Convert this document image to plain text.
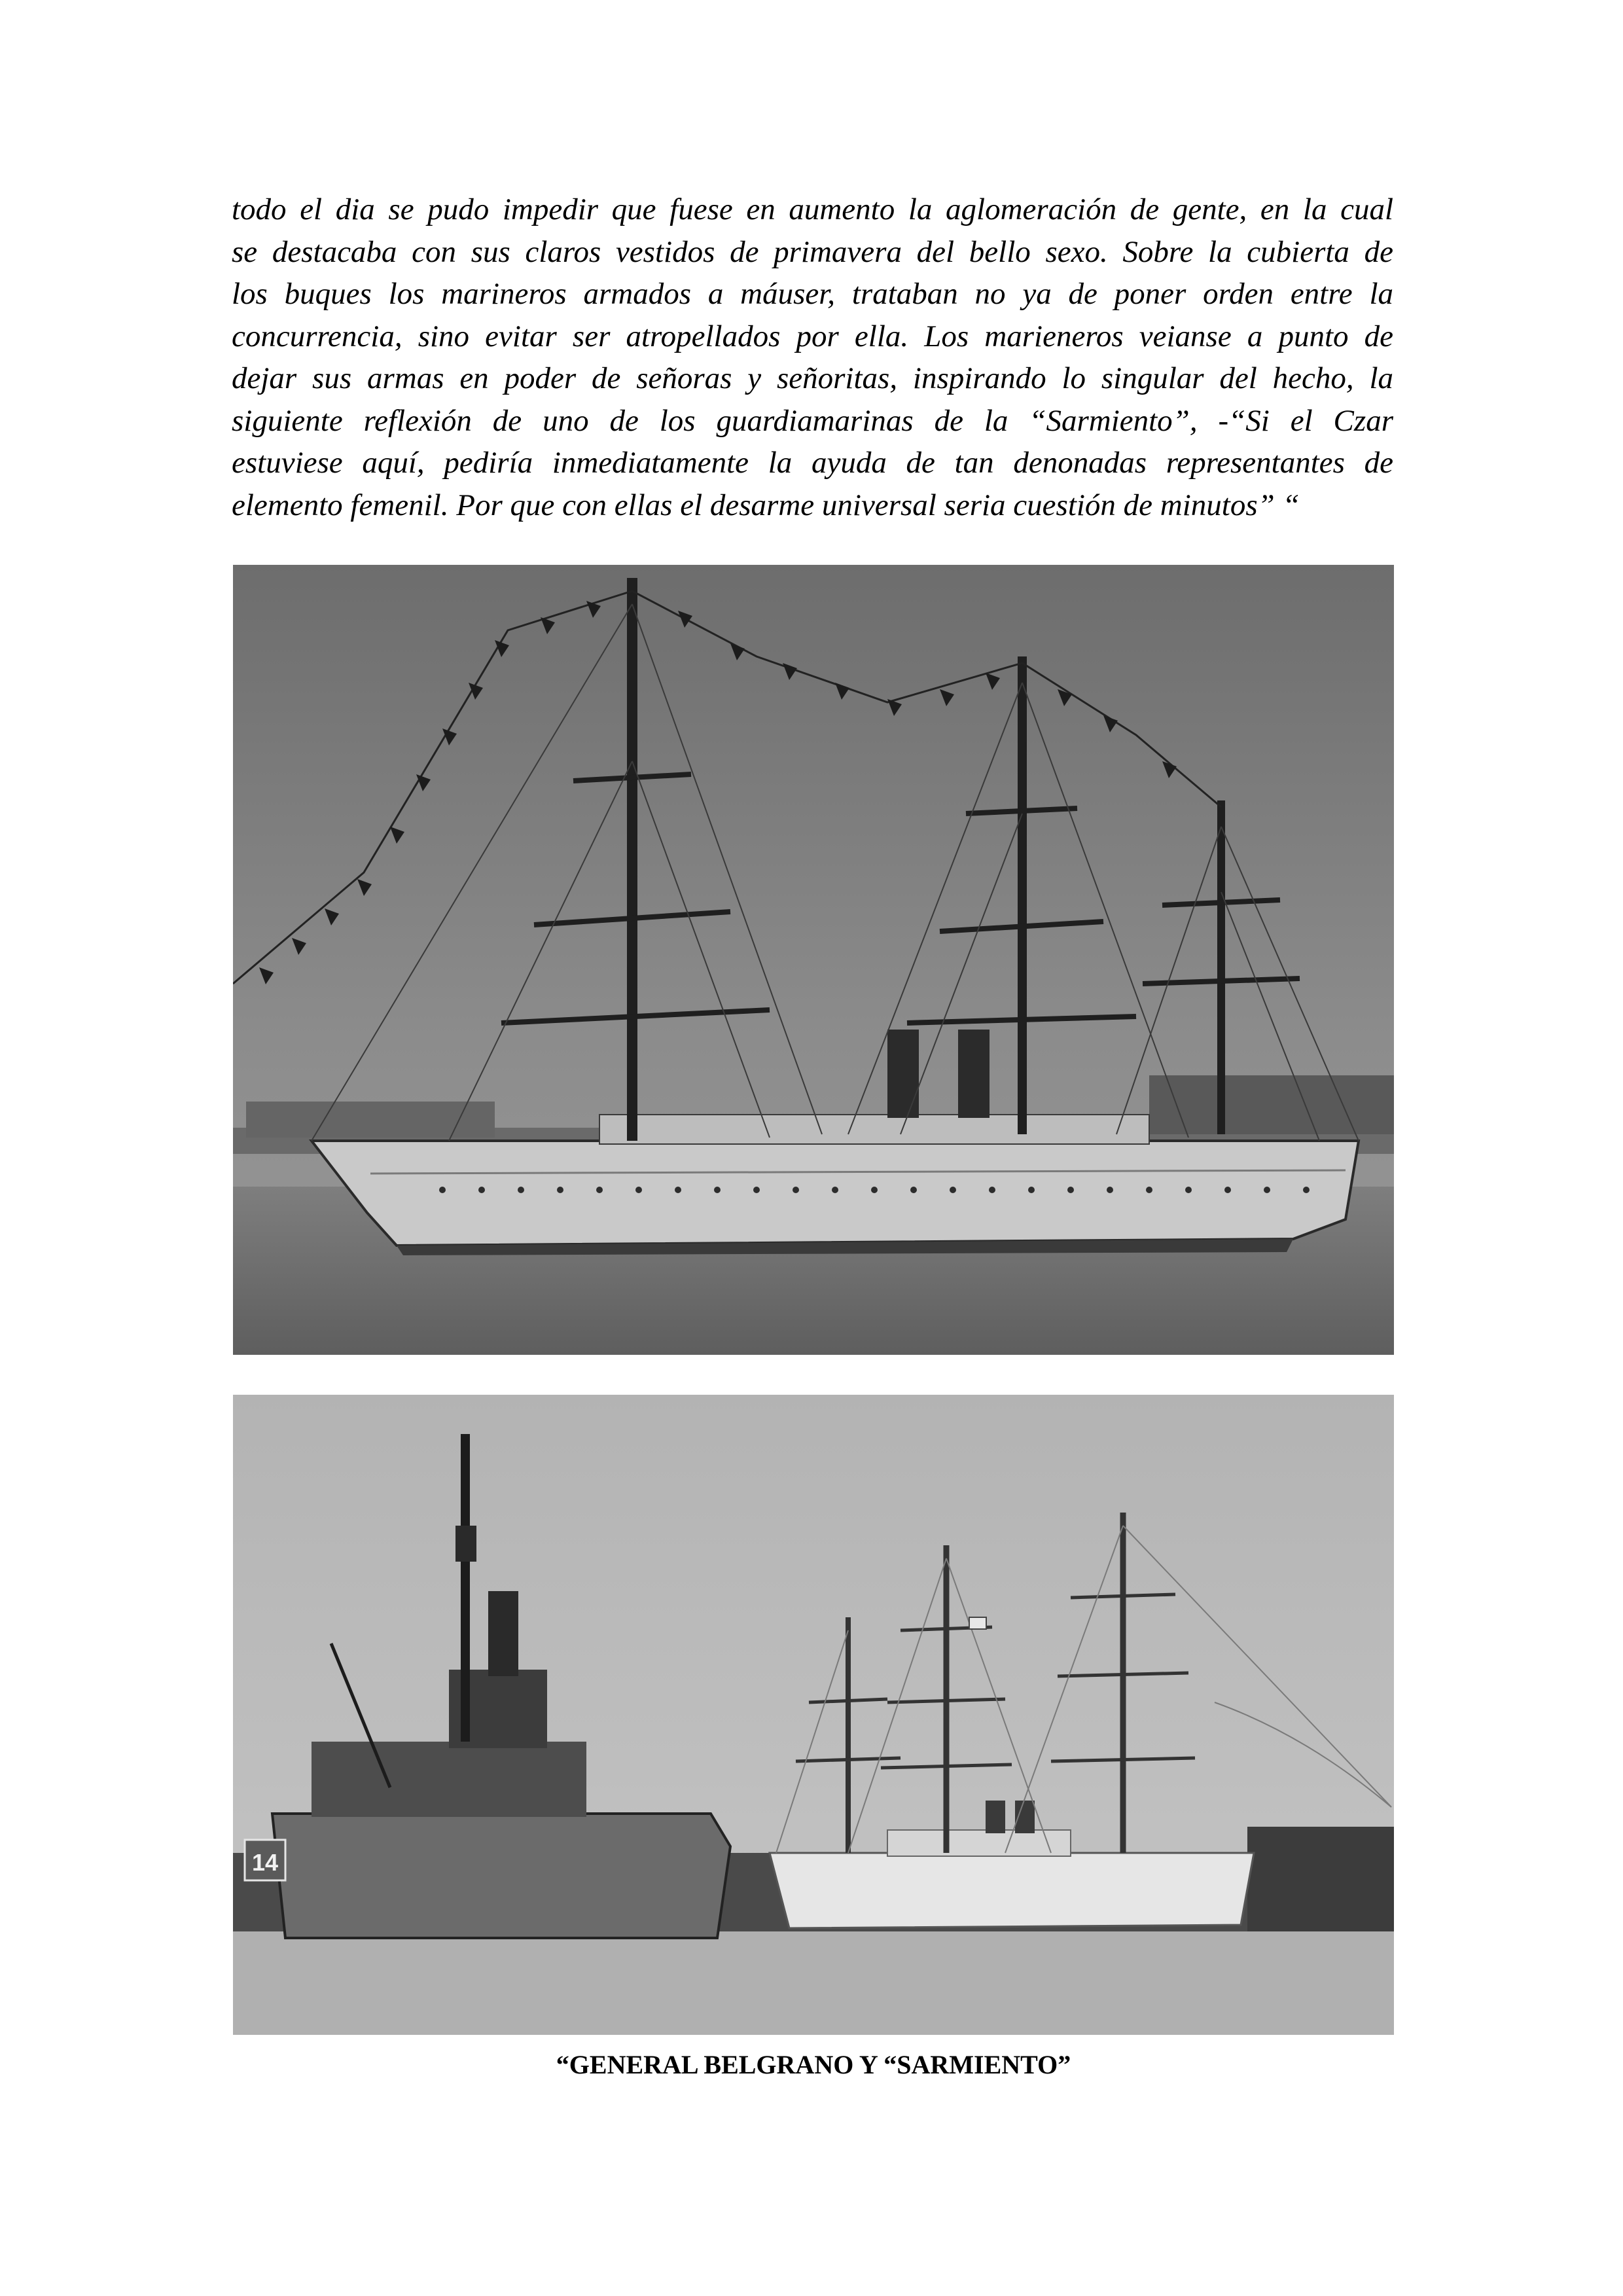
todo el dia se pudo impedir que fuese en aumento la aglomeración de gente, en la cual
se destacaba con sus claros vestidos de primavera del bello sexo. Sobre la cubierta de
los buques los marineros armados a máuser, trataban no ya de poner orden entre la
concurrencia, sino evitar ser atropellados por ella. Los marieneros veianse a punto de
dejar sus armas en poder de señoras y señoritas, inspirando lo singular del hecho, la
siguiente reflexión de uno de los guardiamarinas de la “Sarmiento”, -“Si el Czar
estuviese aquí, pediría inmediatamente la ayuda de tan denonadas representantes de
elemento femenil. Por que con ellas el desarme universal seria cuestión de minutos” “

14

“GENERAL BELGRANO Y “SARMIENTO”
